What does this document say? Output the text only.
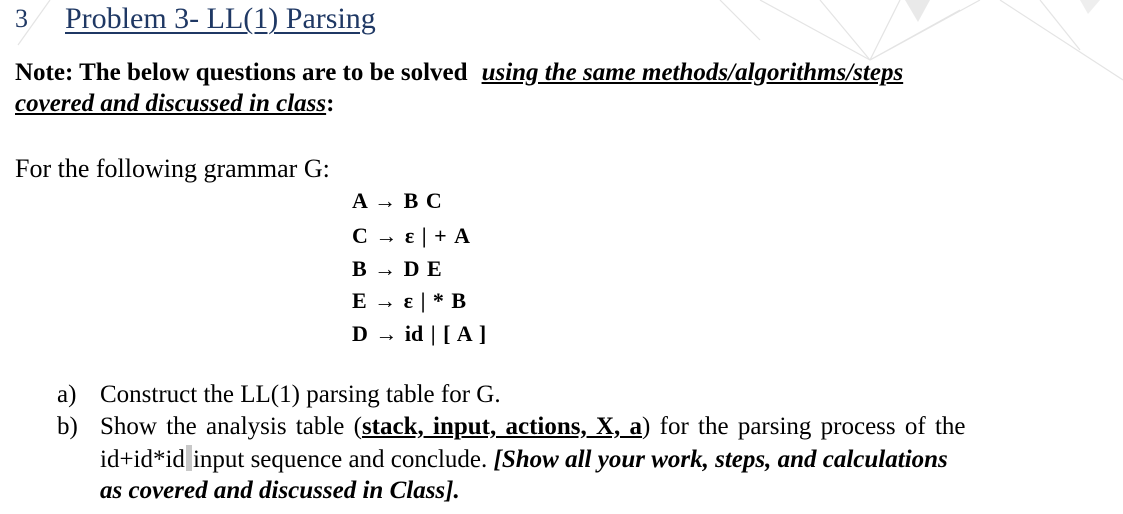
3 Problem 3- LL(1) Parsing
Note: The below questions are to be solved using the same methods/algorithms/steps
covered and discussed in class:
For the following grammar G:
A → B C
C → ε | + A
B → D E
E → ε | * B
D → id | [ A ]
a) Construct the LL(1) parsing table for G.
b) Show the analysis table (stack, input, actions, X, a) for the parsing process of the
id+id*id input sequence and conclude. [Show all your work, steps, and calculations
as covered and discussed in Class].
